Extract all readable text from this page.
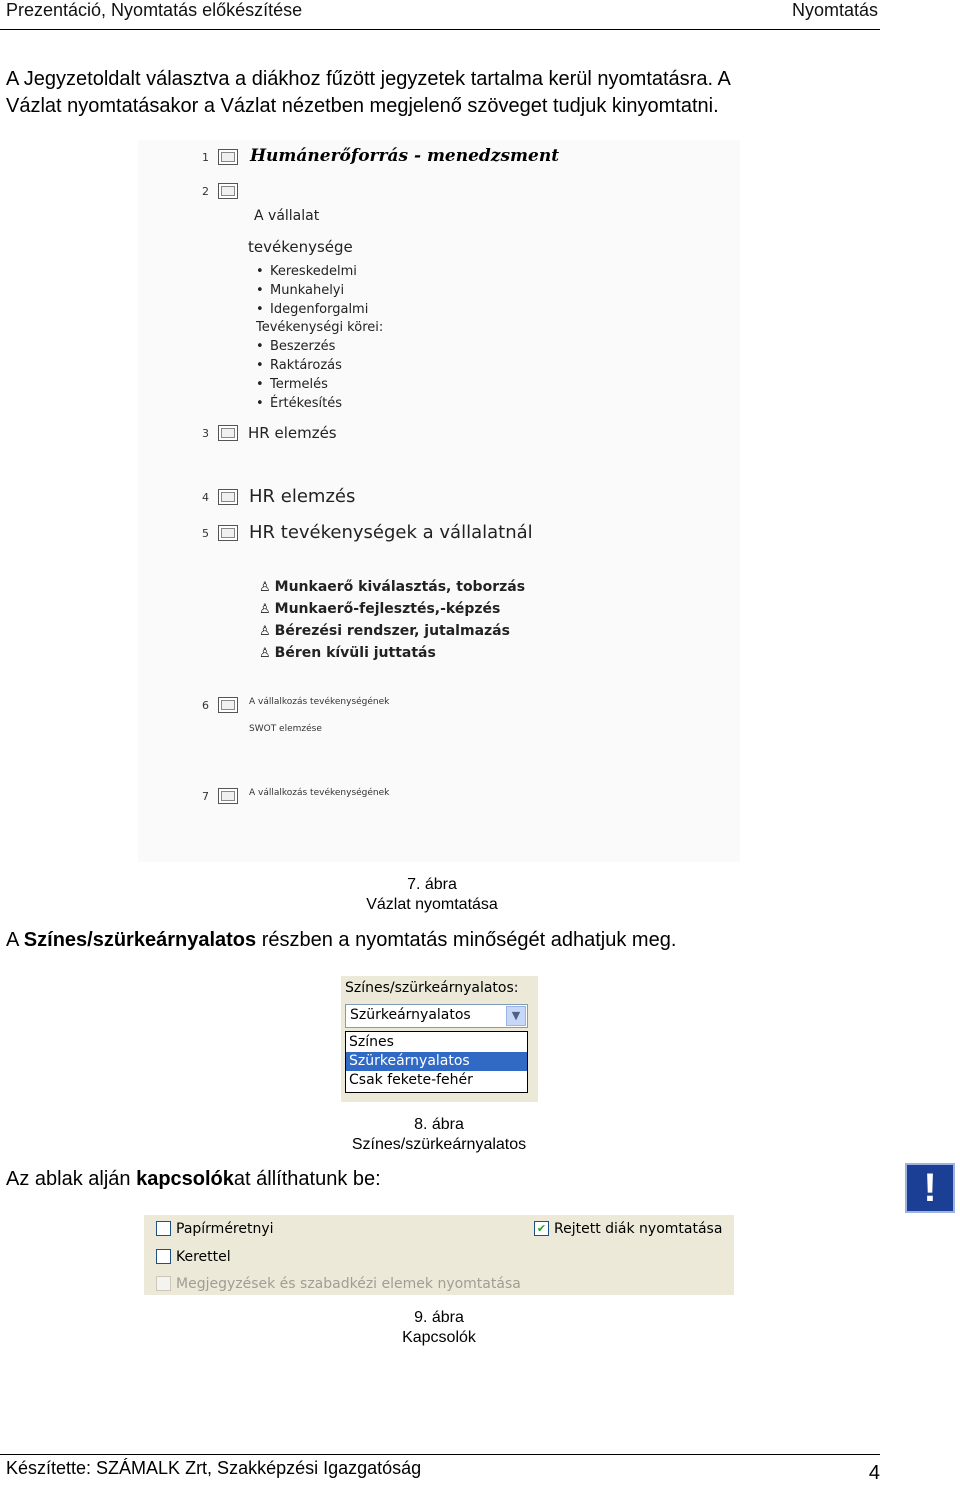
Prezentáció, Nyomtatás előkészítése	Nyomtatás
A Jegyzetoldalt választva a diákhoz fűzött jegyzetek tartalma kerül nyomtatásra. A
Vázlat nyomtatásakor a Vázlat nézetben megjelenő szöveget tudjuk kinyomtatni.
1 Humánerőforrás - menedzsment
2
A vállalat
tevékenysége
• Kereskedelmi
• Munkahelyi
• Idegenforgalmi
Tevékenységi körei:
• Beszerzés
• Raktározás
• Termelés
• Értékesítés
3	HR elemzés
4 HR elemzés
5 HR tevékenységek a vállalatnál
♙ Munkaerő kiválasztás, toborzás
♙ Munkaerő-fejlesztés,-képzés
♙ Bérezési rendszer, jutalmazás
♙ Béren kívüli juttatás
6	A vállalkozás tevékenységének
SWOT elemzése
7	A vállalkozás tevékenységének
7. ábra
Vázlat nyomtatása
A Színes/szürkeárnyalatos részben a nyomtatás minőségét adhatjuk meg.
Színes/szürkeárnyalatos:
Szürkeárnyalatos	▼
Színes
Szürkeárnyalatos
Csak fekete-fehér
8. ábra
Színes/szürkeárnyalatos
Az ablak alján kapcsolókat állíthatunk be:	!
Papírméretnyi
Kerettel
Megjegyzések és szabadkézi elemek nyomtatása
✔ Rejtett diák nyomtatása
9. ábra
Kapcsolók
Készítette: SZÁMALK Zrt, Szakképzési Igazgatóság	4
